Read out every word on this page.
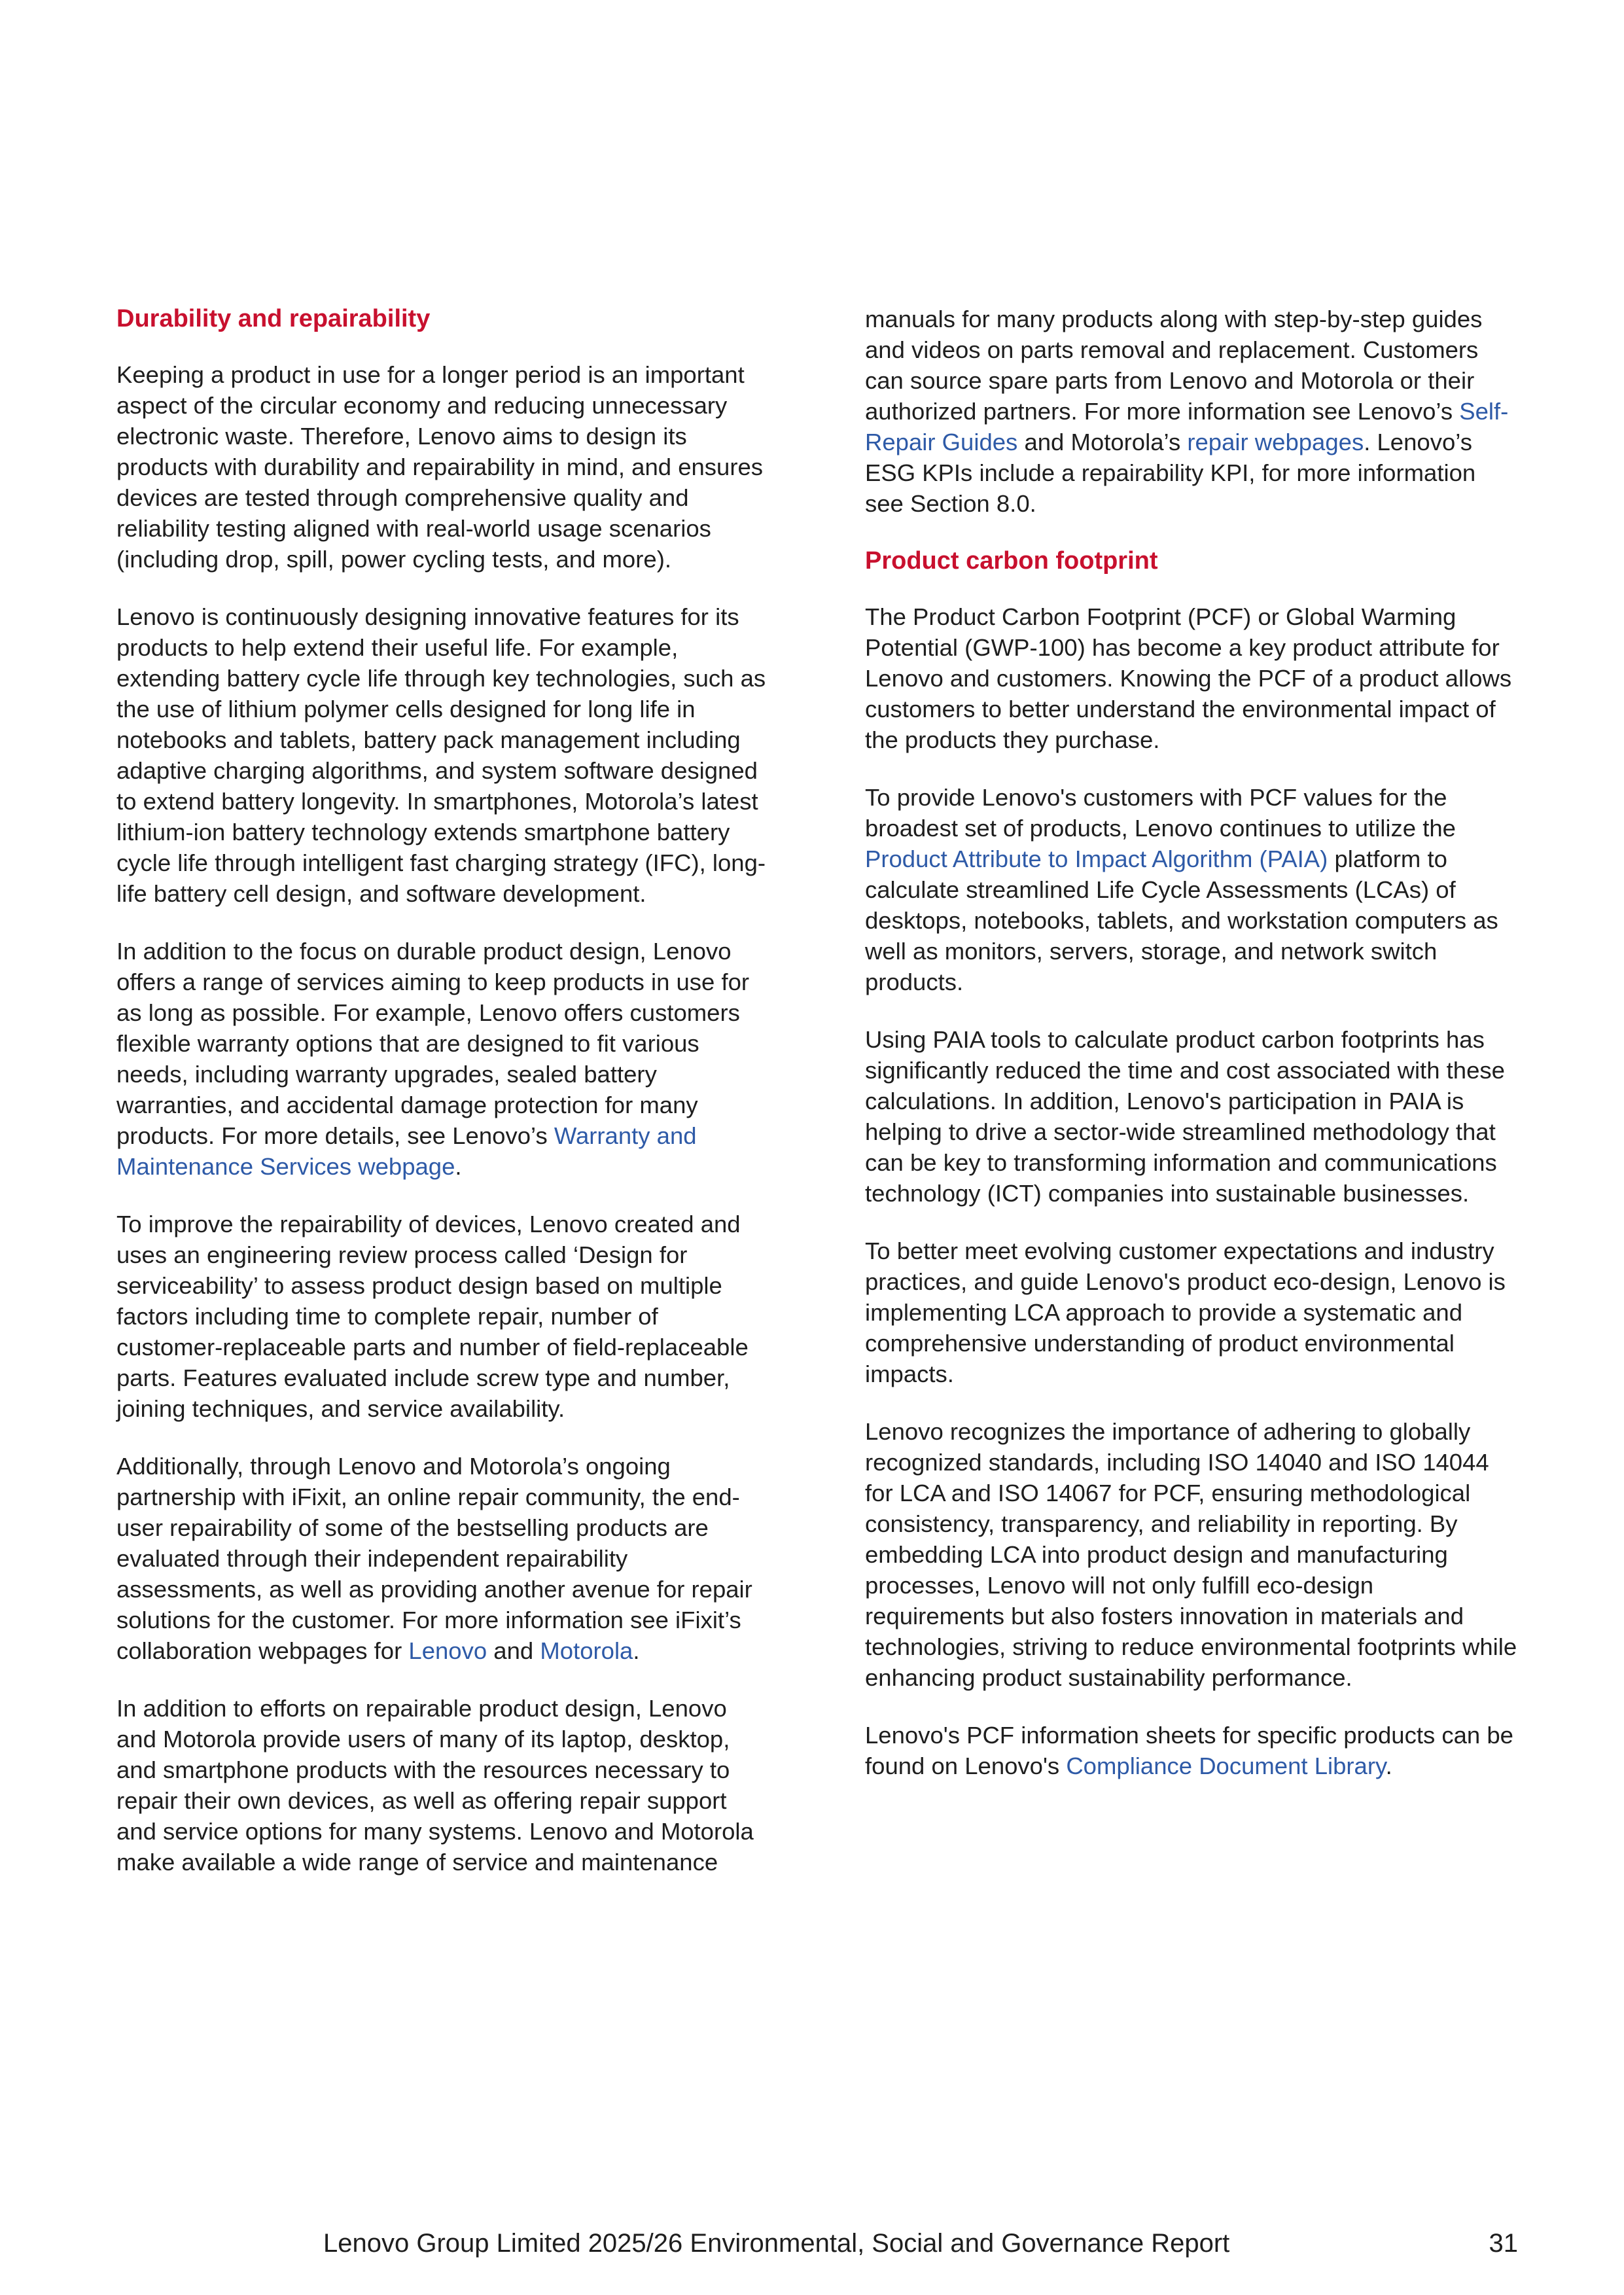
Durability and repairability
Keeping a product in use for a longer period is an important aspect of the circular economy and reducing unnecessary electronic waste. Therefore, Lenovo aims to design its products with durability and repairability in mind, and ensures devices are tested through comprehensive quality and reliability testing aligned with real-world usage scenarios (including drop, spill, power cycling tests, and more).
Lenovo is continuously designing innovative features for its products to help extend their useful life. For example, extending battery cycle life through key technologies, such as the use of lithium polymer cells designed for long life in notebooks and tablets, battery pack management including adaptive charging algorithms, and system software designed to extend battery longevity. In smartphones, Motorola’s latest lithium-ion battery technology extends smartphone battery cycle life through intelligent fast charging strategy (IFC), long-life battery cell design, and software development.
In addition to the focus on durable product design, Lenovo offers a range of services aiming to keep products in use for as long as possible. For example, Lenovo offers customers flexible warranty options that are designed to fit various needs, including warranty upgrades, sealed battery warranties, and accidental damage protection for many products. For more details, see Lenovo’s Warranty and Maintenance Services webpage.
To improve the repairability of devices, Lenovo created and uses an engineering review process called ‘Design for serviceability’ to assess product design based on multiple factors including time to complete repair, number of customer-replaceable parts and number of field-replaceable parts. Features evaluated include screw type and number, joining techniques, and service availability.
Additionally, through Lenovo and Motorola’s ongoing partnership with iFixit, an online repair community, the end-user repairability of some of the bestselling products are evaluated through their independent repairability assessments, as well as providing another avenue for repair solutions for the customer. For more information see iFixit’s collaboration webpages for Lenovo and Motorola.
In addition to efforts on repairable product design, Lenovo and Motorola provide users of many of its laptop, desktop, and smartphone products with the resources necessary to repair their own devices, as well as offering repair support and service options for many systems. Lenovo and Motorola make available a wide range of service and maintenance
manuals for many products along with step-by-step guides and videos on parts removal and replacement. Customers can source spare parts from Lenovo and Motorola or their authorized partners. For more information see Lenovo’s Self-Repair Guides and Motorola’s repair webpages. Lenovo’s ESG KPIs include a repairability KPI, for more information see Section 8.0.
Product carbon footprint
The Product Carbon Footprint (PCF) or Global Warming Potential (GWP-100) has become a key product attribute for Lenovo and customers. Knowing the PCF of a product allows customers to better understand the environmental impact of the products they purchase.
To provide Lenovo's customers with PCF values for the broadest set of products, Lenovo continues to utilize the Product Attribute to Impact Algorithm (PAIA) platform to calculate streamlined Life Cycle Assessments (LCAs) of desktops, notebooks, tablets, and workstation computers as well as monitors, servers, storage, and network switch products.
Using PAIA tools to calculate product carbon footprints has significantly reduced the time and cost associated with these calculations. In addition, Lenovo's participation in PAIA is helping to drive a sector-wide streamlined methodology that can be key to transforming information and communications technology (ICT) companies into sustainable businesses.
To better meet evolving customer expectations and industry practices, and guide Lenovo's product eco-design, Lenovo is implementing LCA approach to provide a systematic and comprehensive understanding of product environmental impacts.
Lenovo recognizes the importance of adhering to globally recognized standards, including ISO 14040 and ISO 14044 for LCA and ISO 14067 for PCF, ensuring methodological consistency, transparency, and reliability in reporting. By embedding LCA into product design and manufacturing processes, Lenovo will not only fulfill eco-design requirements but also fosters innovation in materials and technologies, striving to reduce environmental footprints while enhancing product sustainability performance.
Lenovo's PCF information sheets for specific products can be found on Lenovo's Compliance Document Library.
Lenovo Group Limited 2025/26 Environmental, Social and Governance Report	31
